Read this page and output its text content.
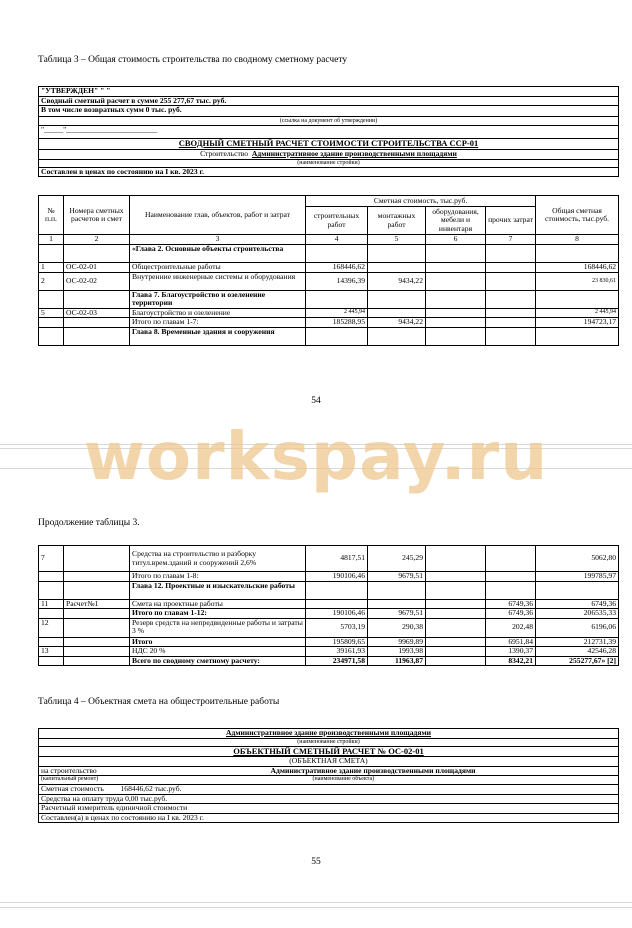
Таблица 3 – Общая стоимость строительства по сводному сметному расчету
"УТВЕРЖДЕН" " "
Сводный сметный расчет в сумме 255 277,67 тыс. руб.
В том числе возвратных сумм 0 тыс. руб.
(ссылка на документ об утверждении)
"_____"________________________
СВОДНЫЙ СМЕТНЫЙ РАСЧЕТ СТОИМОСТИ СТРОИТЕЛЬСТВА ССР-01
Строительство Административное здание производственными площадями
(наименование стройки)
Составлен в ценах по состоянию на I кв. 2023 г.
№ п.п.	Номера сметных расчетов и смет	Наименование глав, объектов, работ и затрат	Сметная стоимость, тыс.руб.				Общая сметная стоимость, тыс.руб.
			строительных работ	монтажных работ	оборудования, мебели и инвентаря	прочих затрат	
1	2	3	4	5	6	7	8
		«Глава 2. Основные объекты строительства					
1	ОС-02-01	Общестроительные работы	168446,62				168446,62
2	ОС-02-02	Внутренние инженерные системы и оборудования	14396,39	9434,22			23 830,61
		Глава 7. Благоустройство и озеленение территории					
5	ОС-02-03	Благоустройство и озеленение	2 445,94				2 445,94
		Итого по главам 1-7:	185288,95	9434,22			194723,17
		Глава 8. Временные здания и сооружения					
54
workspay.ru
Продолжение таблицы 3.
7		Средства на строительство и разборку титул.врем.зданий и сооружений 2,6%	4817,51	245,29			5062,80
		Итого по главам 1-8:	190106,46	9679,51			199785,97
		Глава 12. Проектные и изыскательские работы					
11	Расчет№1	Смета на проектные работы				6749,36	6749,36
		Итого по главам 1-12:	190106,46	9679,51		6749,36	206535,33
12		Резерв средств на непредвиденные работы и затраты 3 %	5703,19	290,38		202,48	6196,06
		Итого	195809,65	9969,89		6951,84	212731,39
13		НДС 20 %	39161,93	1993,98		1390,37	42546,28
		Всего по сводному сметному расчету:	234971,58	11963,87		8342,21	255277,67» [2]
Таблица 4 – Объектная смета на общестроительные работы
Административное здание производственными площадями
(наименование стройки)
ОБЪЕКТНЫЙ СМЕТНЫЙ РАСЧЕТ № ОС-02-01
(ОБЪЕКТНАЯ СМЕТА)
на строительство	Административное здание производственными площадями

(капитальный ремонт)	(наименование объекта)

Сметная стоимость 168446,62 тыс.руб.

Средства на оплату труда 0,00 тыс.руб.
Расчетный измеритель единичной стоимости
Составлен(а) в ценах по состоянию на I кв. 2023 г.
55
